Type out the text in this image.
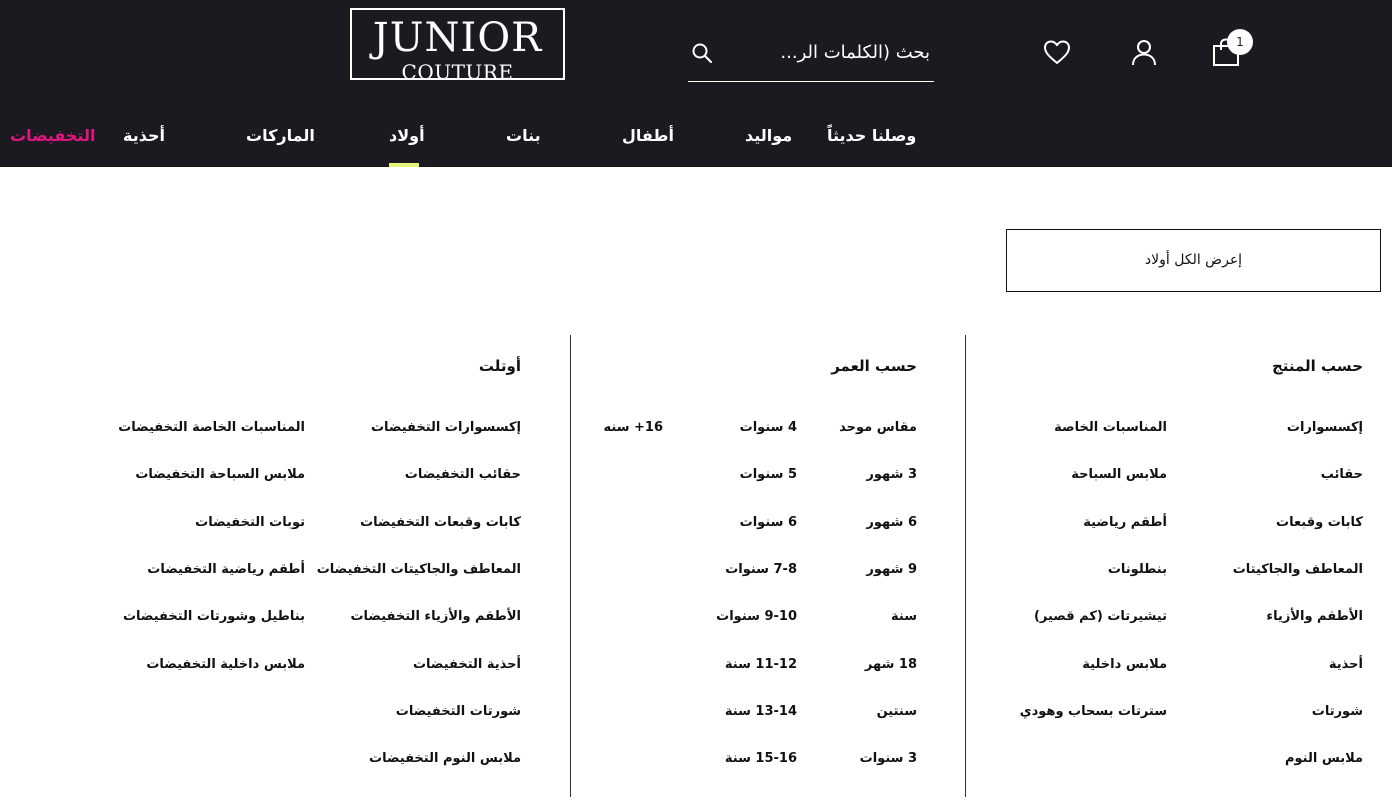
JUNIOR
COUTURE
بحث (الكلمات الر...
1
وصلنا حديثاً
مواليد
أطفال
بنات
أولاد
الماركات
أحذية
التخفيضات
إعرض الكل أولاد
حسب المنتج
حسب العمر
أوتلت
إكسسوارات
حقائب
كابات وقبعات
المعاطف والجاكيتات
الأطقم والأزياء
أحذية
شورتات
ملابس النوم
المناسبات الخاصة
ملابس السباحة
أطقم رياضية
بنطلونات
تيشيرتات (كم قصير)
ملابس داخلية
سترتات بسحاب وهودي
مقاس موحد
3 شهور
6 شهور
9 شهور
سنة
18 شهر
سنتين
3 سنوات
4 سنوات
5 سنوات
6 سنوات
7-8 سنوات
9-10 سنوات
11-12 سنة
13-14 سنة
15-16 سنة
16+ سنه
إكسسوارات التخفيضات
حقائب التخفيضات
كابات وقبعات التخفيضات
المعاطف والجاكيتات التخفيضات
الأطقم والأزياء التخفيضات
أحذية التخفيضات
شورتات التخفيضات
ملابس النوم التخفيضات
المناسبات الخاصة التخفيضات
ملابس السباحة التخفيضات
توبات التخفيضات
أطقم رياضية التخفيضات
بناطيل وشورتات التخفيضات
ملابس داخلية التخفيضات
